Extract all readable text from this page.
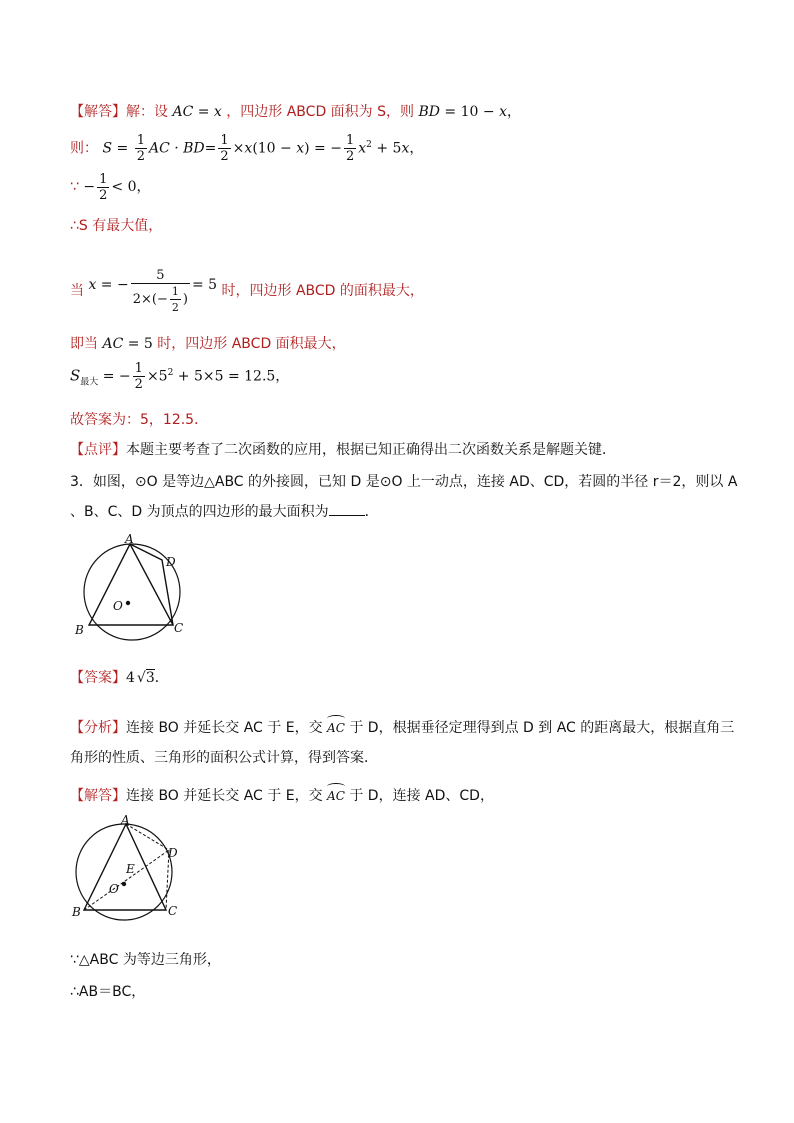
【解答】解：设 AC = x ，四边形 ABCD 面积为 S，则 BD = 10 − x，
则： $S = \frac{1}{2}$ AC · $BD= \frac{1}{2} \times x(10 - x)$ = − $\frac{1}{2} x^2 + 5x$，
∵ − $\frac{1}{2} < 0$，
∴S 有最大值，
当 x = − $\frac{5}{2\times(- \frac{1}{2} )} = 5$ 时，四边形 ABCD 的面积最大，
即当 AC = 5 时，四边形 ABCD 面积最大，
$S_{最大}$ = − $\frac{1}{2} \times 5^2 + 5\times 5 = 12.5$，
故答案为：5，12.5．
【点评】本题主要考查了二次函数的应用，根据已知正确得出二次函数关系是解题关键．
3．如图，⊙O 是等边△ABC 的外接圆，已知 D 是⊙O 上一动点，连接 AD、CD，若圆的半径 r＝2，则以 A
、B、C、D 为顶点的四边形的最大面积为	．
A
D
O
B	C
【答案】4 √3．
【分析】连接 BO 并延长交 AC 于 E，交 AC 于 D，根据垂径定理得到点 D 到 AC 的距离最大，根据直角三
角形的性质、三角形的面积公式计算，得到答案．
【解答】连接 BO 并延长交 AC 于 E，交 AC 于 D，连接 AD、CD，
A
D
E
O
B	C
∵△ABC 为等边三角形，
∴AB＝BC，
